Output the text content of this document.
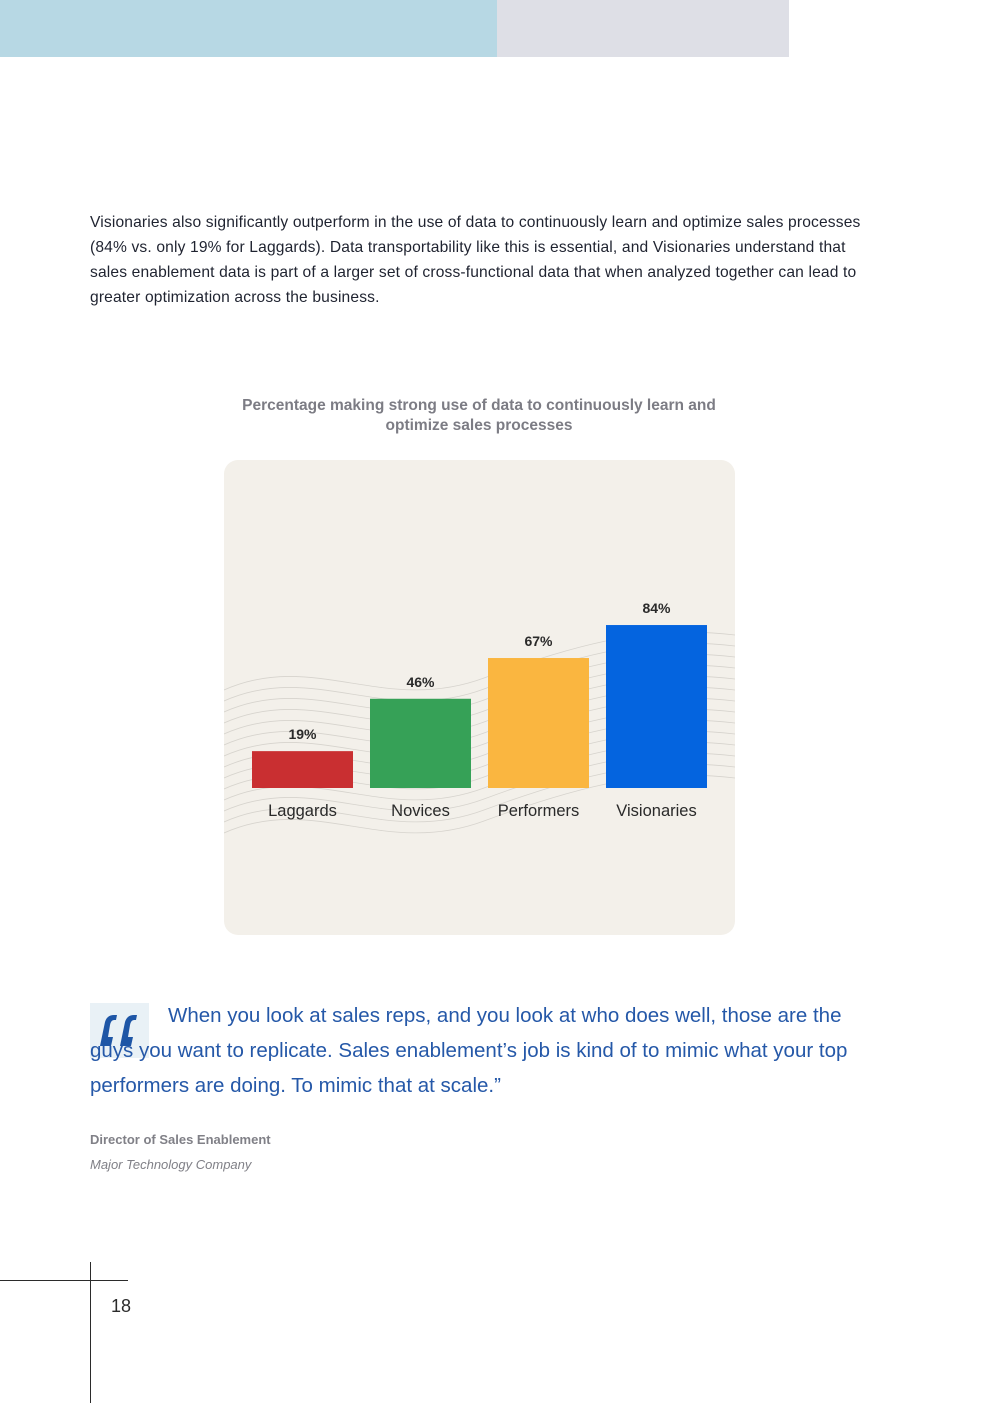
Visionaries also significantly outperform in the use of data to continuously learn and optimize sales processes (84% vs. only 19% for Laggards). Data transportability like this is essential, and Visionaries understand that sales enablement data is part of a larger set of cross-functional data that when analyzed together can lead to greater optimization across the business.

Percentage making strong use of data to continuously learn and optimize sales processes

19%
46%
67%
84%
Laggards	Novices	Performers Visionaries

When you look at sales reps, and you look at who does well, those are the guys you want to replicate. Sales enablement’s job is kind of to mimic what your top performers are doing. To mimic that at scale.”

Director of Sales Enablement

Major Technology Company

18
